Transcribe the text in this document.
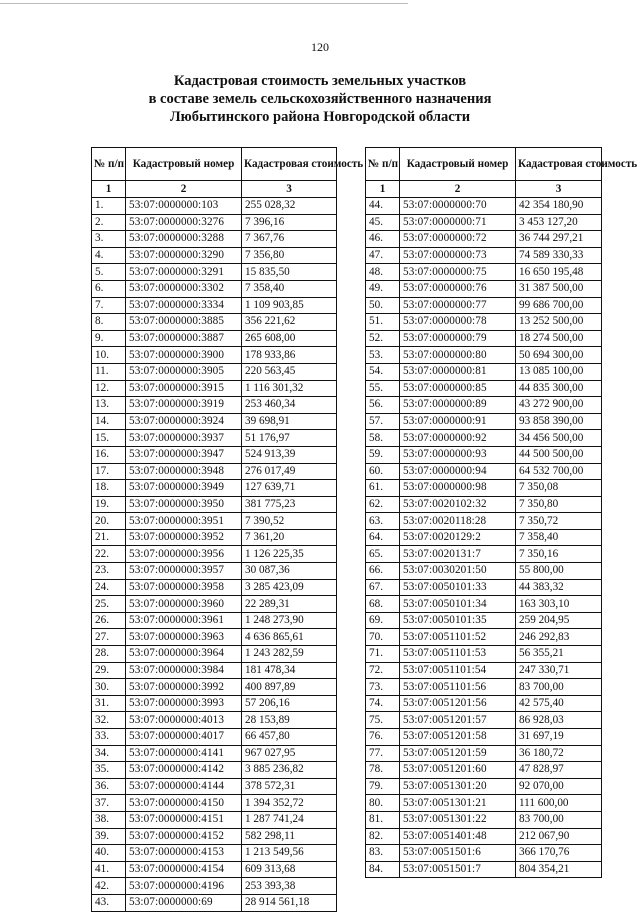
120
Кадастровая стоимость земельных участков
в составе земель сельскохозяйственного назначения
Любытинского района Новгородской области
№ п/п	Кадастровый номер	Кадастровая стоимость
1	2	3
1.	53:07:0000000:103	255 028,32
2.	53:07:0000000:3276	7 396,16
3.	53:07:0000000:3288	7 367,76
4.	53:07:0000000:3290	7 356,80
5.	53:07:0000000:3291	15 835,50
6.	53:07:0000000:3302	7 358,40
7.	53:07:0000000:3334	1 109 903,85
8.	53:07:0000000:3885	356 221,62
9.	53:07:0000000:3887	265 608,00
10.	53:07:0000000:3900	178 933,86
11.	53:07:0000000:3905	220 563,45
12.	53:07:0000000:3915	1 116 301,32
13.	53:07:0000000:3919	253 460,34
14.	53:07:0000000:3924	39 698,91
15.	53:07:0000000:3937	51 176,97
16.	53:07:0000000:3947	524 913,39
17.	53:07:0000000:3948	276 017,49
18.	53:07:0000000:3949	127 639,71
19.	53:07:0000000:3950	381 775,23
20.	53:07:0000000:3951	7 390,52
21.	53:07:0000000:3952	7 361,20
22.	53:07:0000000:3956	1 126 225,35
23.	53:07:0000000:3957	30 087,36
24.	53:07:0000000:3958	3 285 423,09
25.	53:07:0000000:3960	22 289,31
26.	53:07:0000000:3961	1 248 273,90
27.	53:07:0000000:3963	4 636 865,61
28.	53:07:0000000:3964	1 243 282,59
29.	53:07:0000000:3984	181 478,34
30.	53:07:0000000:3992	400 897,89
31.	53:07:0000000:3993	57 206,16
32.	53:07:0000000:4013	28 153,89
33.	53:07:0000000:4017	66 457,80
34.	53:07:0000000:4141	967 027,95
35.	53:07:0000000:4142	3 885 236,82
36.	53:07:0000000:4144	378 572,31
37.	53:07:0000000:4150	1 394 352,72
38.	53:07:0000000:4151	1 287 741,24
39.	53:07:0000000:4152	582 298,11
40.	53:07:0000000:4153	1 213 549,56
41.	53:07:0000000:4154	609 313,68
42.	53:07:0000000:4196	253 393,38
43.	53:07:0000000:69	28 914 561,18
№ п/п	Кадастровый номер	Кадастровая стоимость
1	2	3
44.	53:07:0000000:70	42 354 180,90
45.	53:07:0000000:71	3 453 127,20
46.	53:07:0000000:72	36 744 297,21
47.	53:07:0000000:73	74 589 330,33
48.	53:07:0000000:75	16 650 195,48
49.	53:07:0000000:76	31 387 500,00
50.	53:07:0000000:77	99 686 700,00
51.	53:07:0000000:78	13 252 500,00
52.	53:07:0000000:79	18 274 500,00
53.	53:07:0000000:80	50 694 300,00
54.	53:07:0000000:81	13 085 100,00
55.	53:07:0000000:85	44 835 300,00
56.	53:07:0000000:89	43 272 900,00
57.	53:07:0000000:91	93 858 390,00
58.	53:07:0000000:92	34 456 500,00
59.	53:07:0000000:93	44 500 500,00
60.	53:07:0000000:94	64 532 700,00
61.	53:07:0000000:98	7 350,08
62.	53:07:0020102:32	7 350,80
63.	53:07:0020118:28	7 350,72
64.	53:07:0020129:2	7 358,40
65.	53:07:0020131:7	7 350,16
66.	53:07:0030201:50	55 800,00
67.	53:07:0050101:33	44 383,32
68.	53:07:0050101:34	163 303,10
69.	53:07:0050101:35	259 204,95
70.	53:07:0051101:52	246 292,83
71.	53:07:0051101:53	56 355,21
72.	53:07:0051101:54	247 330,71
73.	53:07:0051101:56	83 700,00
74.	53:07:0051201:56	42 575,40
75.	53:07:0051201:57	86 928,03
76.	53:07:0051201:58	31 697,19
77.	53:07:0051201:59	36 180,72
78.	53:07:0051201:60	47 828,97
79.	53:07:0051301:20	92 070,00
80.	53:07:0051301:21	111 600,00
81.	53:07:0051301:22	83 700,00
82.	53:07:0051401:48	212 067,90
83.	53:07:0051501:6	366 170,76
84.	53:07:0051501:7	804 354,21
